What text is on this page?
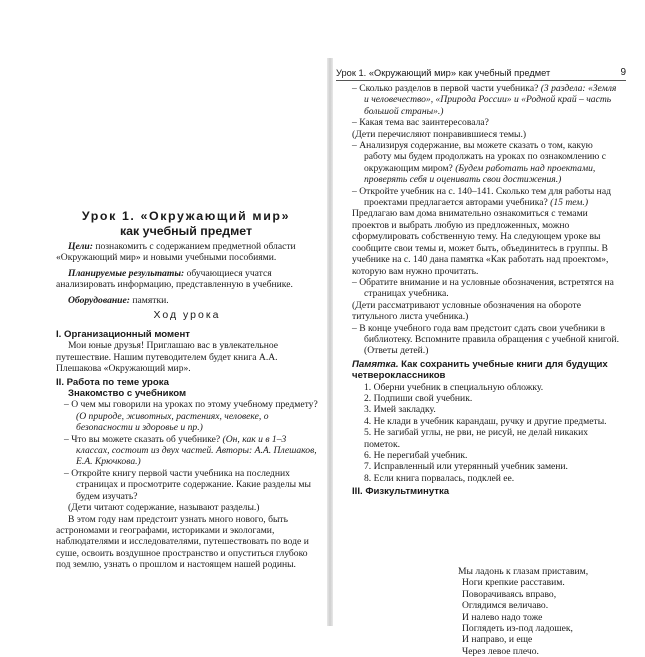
Урок 1. «Окружающий мир» как учебный предмет	9
Урок 1. «Окружающий мир»
как учебный предмет

Цели: познакомить с содержанием предметной области «Окружающий мир» и новыми учебными пособиями.

Планируемые результаты: обучающиеся учатся анализировать информацию, представленную в учебнике.

Оборудование: памятки.

Ход урока
I. Организационный момент

Мои юные друзья! Приглашаю вас в увлекательное путешествие. Нашим путеводителем будет книга А.А. Плешакова «Окружающий мир».

II. Работа по теме урока
Знакомство с учебником

– О чем мы говорили на уроках по этому учебному предмету? (О природе, животных, растениях, человеке, о безопасности и здоровье и пр.)

– Что вы можете сказать об учебнике? (Он, как и в 1–3 классах, состоит из двух частей. Авторы: А.А. Плешаков, Е.А. Крючкова.)

– Откройте книгу первой части учебника на последних страницах и просмотрите содержание. Какие разделы мы будем изучать?

(Дети читают содержание, называют разделы.)

В этом году нам предстоит узнать много нового, быть астрономами и географами, историками и экологами, наблюдателями и исследователями, путешествовать по воде и суше, освоить воздушное пространство и опуститься глубоко под землю, узнать о прошлом и настоящем нашей родины.

– Сколько разделов в первой части учебника? (3 раздела: «Земля и человечество», «Природа России» и «Родной край – часть большой страны».)

– Какая тема вас заинтересовала?

(Дети перечисляют понравившиеся темы.)

– Анализируя содержание, вы можете сказать о том, какую работу мы будем продолжать на уроках по ознакомлению с окружающим миром? (Будем работать над проектами, проверять себя и оценивать свои достижения.)

– Откройте учебник на с. 140–141. Сколько тем для работы над проектами предлагается авторами учебника? (15 тем.)

Предлагаю вам дома внимательно ознакомиться с темами проектов и выбрать любую из предложенных, можно сформулировать собственную тему. На следующем уроке вы сообщите свои темы и, может быть, объединитесь в группы. В учебнике на с. 140 дана памятка «Как работать над проектом», которую вам нужно прочитать.

– Обратите внимание и на условные обозначения, встретятся на страницах учебника.

(Дети рассматривают условные обозначения на обороте титульного листа учебника.)

– В конце учебного года вам предстоит сдать свои учебники в библиотеку. Вспомните правила обращения с учебной книгой. (Ответы детей.)

Памятка. Как сохранить учебные книги для будущих четвероклассников

1. Оберни учебник в специальную обложку.
2. Подпиши свой учебник.
3. Имей закладку.
4. Не клади в учебник карандаш, ручку и другие предметы.
5. Не загибай углы, не рви, не рисуй, не делай никаких пометок.
6. Не перегибай учебник.
7. Исправленный или утерянный учебник замени.
8. Если книга порвалась, подклей ее.
III. Физкультминутка
Мы ладонь к глазам приставим,
Ноги крепкие расставим.
Поворачиваясь вправо,
Оглядимся величаво.
И налево надо тоже
Поглядеть из-под ладошек,
И направо, и еще
Через левое плечо.
